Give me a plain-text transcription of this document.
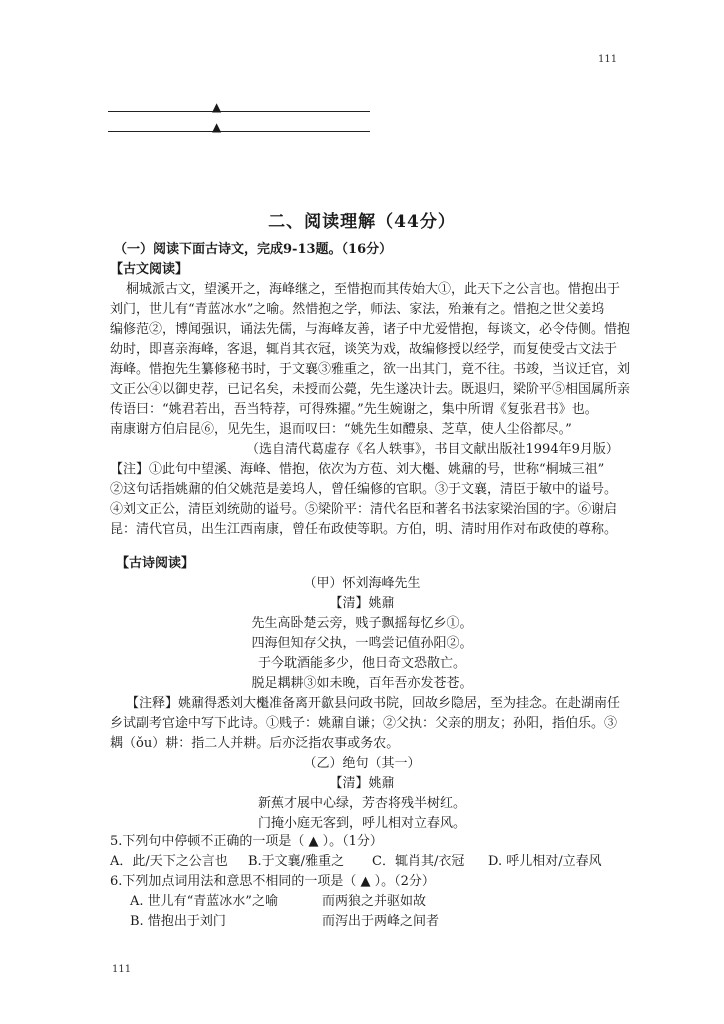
111
▲
▲
二、阅读理解（44分）
（一）阅读下面古诗文，完成9-13题。（16分）
【古文阅读】
桐城派古文，望溪开之，海峰继之，至惜抱而其传始大①，此天下之公言也。惜抱出于
刘门，世儿有“青蓝冰水”之喻。然惜抱之学，师法、家法，殆兼有之。惜抱之世父姜坞
编修范②，博闻强识，诵法先儒，与海峰友善，诸子中尤爱惜抱，每谈文，必令侍侧。惜抱
幼时，即喜亲海峰，客退，辄肖其衣冠，谈笑为戏，故编修授以经学，而复使受古文法于
海峰。惜抱先生纂修秘书时，于文襄③雅重之，欲一出其门，竟不往。书竣，当议迁官，刘
文正公④以御史荐，已记名矣，未授而公薨，先生遂决计去。既退归，梁阶平⑤相国属所亲
传语曰：“姚君若出，吾当特荐，可得殊擢。”先生婉谢之，集中所谓《复张君书》也。
南康谢方伯启昆⑥，见先生，退而叹曰：“姚先生如醴泉、芝草，使人尘俗都尽。”
（选自清代葛虚存《名人轶事》，书目文献出版社1994年9月版）
【注】①此句中望溪、海峰、惜抱，依次为方苞、刘大櫆、姚鼐的号，世称“桐城三祖”
②这句话指姚鼐的伯父姚范是姜坞人，曾任编修的官职。③于文襄，清臣于敏中的谥号。
④刘文正公，清臣刘统勋的谥号。⑤梁阶平：清代名臣和著名书法家梁治国的字。⑥谢启
昆：清代官员，出生江西南康，曾任布政使等职。方伯，明、清时用作对布政使的尊称。
【古诗阅读】
（甲）怀刘海峰先生
【清】姚鼐
先生高卧楚云旁，贱子飘摇每忆乡①。
四海但知存父执，一鸣尝记值孙阳②。
于今耽酒能多少，他日奇文恐散亡。
脱足耦耕③如未晚，百年吾亦发苍苍。
【注释】姚鼐得悉刘大櫆准备离开歙县问政书院，回故乡隐居，至为挂念。在赴湖南任
乡试副考官途中写下此诗。①贱子：姚鼐自谦；②父执：父亲的朋友；孙阳，指伯乐。③
耦（ǒu）耕：指二人并耕。后亦泛指农事或务农。
（乙）绝句（其一）
【清】姚鼐
新蕉才展中心绿，芳杏将残半树红。
门掩小庭无客到，呼儿相对立春风。
5.下列句中停顿不正确的一项是（ ▲ ）。（1分）
A．此/天下之公言也 B.于文襄/雅重之 C．辄肖其/衣冠 D. 呼儿相对/立春风
6.下列加点词用法和意思不相同的一项是（ ▲ ）。（2分）
A. 世儿有“青蓝冰水”之喻	而两狼之并驱如故
B. 惜抱出于刘门	而泻出于两峰之间者
111
